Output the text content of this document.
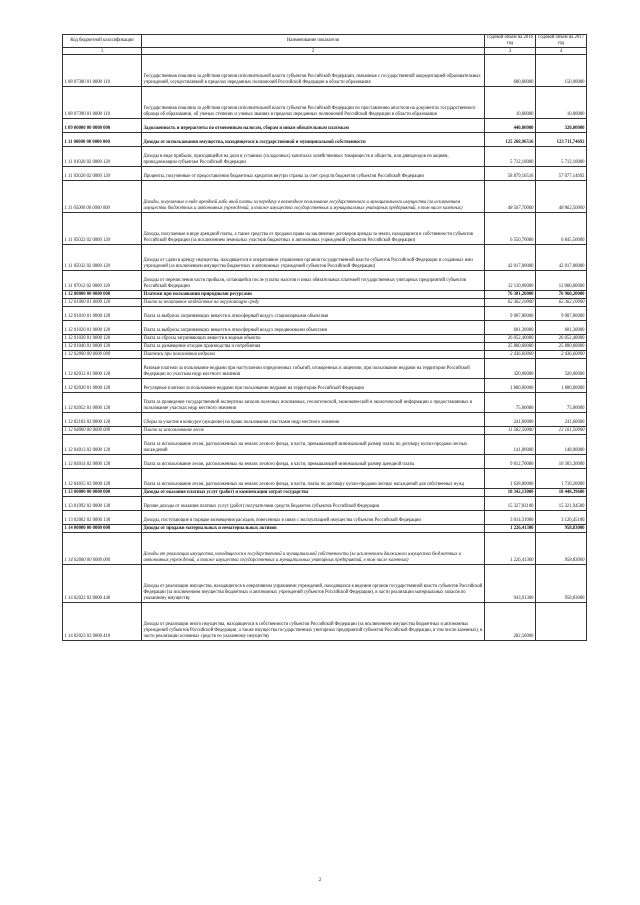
Код бюджетной классификации	Наименование показателя	Годовой объем на 2016 год	Годовой объем на 2017 год
1	2	3	4
1 08 07380 01 0000 110	Государственная пошлина за действия органов исполнительной власти субъектов Российской Федерации, связанные с государственной аккредитацией образовательных учреждений, осуществляемой в пределах переданных полномочий Российской Федерации в области образования	600,00000	150,00000
1 08 07390 01 0000 110	Государственная пошлина за действия органов исполнительной власти субъектов Российской Федерации по проставлению апостиля на документах государственного образца об образовании, об ученых степенях и ученых званиях в пределах переданных полномочий Российской Федерации в области образования	10,00000	10,00000
1 09 00000 00 0000 000	Задолженность и перерасчеты по отмененным налогам, сборам и иным обязательным платежам	440,00000	320,00000
1 11 00000 00 0000 000	Доходы от использования имущества, находящегося в государственной и муниципальной собственности	125 268,96516	123 711,74692
1 11 01020 02 0000 120	Доходы в виде прибыли, приходящейся на доли в уставных (складочных) капиталах хозяйственных товариществ и обществ, или дивидендов по акциям, принадлежащим субъектам Российской Федерации	5 712,10000	5 712,10000
1 11 03020 02 0000 120	Проценты, полученные от предоставления бюджетных кредитов внутри страны за счет средств бюджетов субъектов Российской Федерации	58 879,16516	57 077,14692
1 11 05000 00 0000 000	Доходы, получаемые в виде арендной либо иной платы за передачу в возмездное пользование государственного и муниципального имущества (за исключением имущества бюджетных и автономных учреждений, а также имущества государственных и муниципальных унитарных предприятий, в том числе казенных)	48 567,70000	48 862,50000
1 11 05022 02 0000 120	Доходы, получаемые в виде арендной платы, а также средства от продажи права на заключение договоров аренды за земли, находящиеся в собственности субъектов Российской Федерации (за исключением земельных участков бюджетных и автономных учреждений субъектов Российской Федерации)	6 550,70000	6 845,50000
1 11 05032 02 0000 120	Доходы от сдачи в аренду имущества, находящегося в оперативном управлении органов государственной власти субъектов Российской Федерации и созданных ими учреждений (за исключением имущества бюджетных и автономных учреждений субъектов Российской Федерации)	42 017,00000	42 017,00000
1 11 07012 02 0000 120	Доходы от перечисления части прибыли, остающейся после уплаты налогов и иных обязательных платежей государственных унитарных предприятий субъектов Российской Федерации	12 110,00000	12 060,00000
1 12 00000 00 0000 000	Платежи при пользовании природными ресурсами	76 381,20000	76 960,20000
1 12 01000 01 0000 120	Плата за негативное воздействие на окружающую среду	62 362,10000	62 362,10000
1 12 01010 01 0000 120	Плата за выбросы загрязняющих веществ в атмосферный воздух стационарными объектами	9 907,80000	9 907,80000
1 12 01020 01 0000 120	Плата за выбросы загрязняющих веществ в атмосферный воздух передвижными объектами	601,30000	601,30000
1 12 01030 01 0000 120	Плата за сбросы загрязняющих веществ в водные объекты	26 052,40000	26 052,40000
1 12 01040 01 0000 120	Плата за размещение отходов производства и потребления	25 800,60000	25 800,60000
1 12 02000 00 0000 000	Платежи при пользовании недрами	2 436,60000	2 436,60000
1 12 02012 01 0000 120	Разовые платежи за пользование недрами при наступлении определенных событий, оговоренных в лицензии, при пользовании недрами на территории Российской Федерации по участкам недр местного значения	320,00000	320,00000
1 12 02030 01 0000 120	Регулярные платежи за пользование недрами при пользовании недрами на территории Российской Федерации	1 800,00000	1 800,00000
1 12 02052 01 0000 120	Плата за проведение государственной экспертизы запасов полезных ископаемых, геологической, экономической и экологической информации о предоставляемых в пользование участках недр местного значения	75,00000	75,00000
1 12 02102 02 0000 120	Сборы за участие в конкурсе (аукционе) на право пользования участками недр местного значения	241,60000	241,60000
1 12 04000 00 0000 000	Плата за использование лесов	11 582,50000	12 161,50000
1 12 04013 02 0000 120	Плата за использование лесов, расположенных на землях лесного фонда, в части, превышающей минимальный размер платы по договору купли-продажи лесных насаждений	141,00000	148,00000
1 12 04014 02 0000 120	Плата за использование лесов, расположенных на землях лесного фонда, в части, превышающей минимальный размер арендной платы	9 812,70000	10 303,30000
1 12 04015 02 0000 120	Плата за использование лесов, расположенных на землях лесного фонда, в части, платы по договору купли-продажи лесных насаждений для собственных нужд	1 628,80000	1 710,20000
1 13 00000 00 0000 000	Доходы от оказания платных услуг (работ) и компенсации затрат государства	18 342,13000	18 448,39600
1 13 01992 02 0000 130	Прочие доходы от оказания платных услуг (работ) получателями средств бюджетов субъектов Российской Федерации	15 327,83100	15 321,94500
1 13 02062 02 0000 130	Доходы, поступающие в порядке возмещения расходов, понесенных в связи с эксплуатацией имущества субъектов Российской Федерации	3 014,31000	3 126,45100
1 14 00000 00 0000 000	Доходы от продажи материальных и нематериальных активов	1 226,41300	958,83000
1 14 02000 00 0000 000	Доходы от реализации имущества, находящегося в государственной и муниципальной собственности (за исключением движимого имущества бюджетных и автономных учреждений, а также имущества государственных и муниципальных унитарных предприятий, в том числе казенных)	1 226,41300	958,83000
1 14 02022 02 0000 440	Доходы от реализации имущества, находящегося в оперативном управлении учреждений, находящихся в ведении органов государственной власти субъектов Российской Федерации (за исключением имущества бюджетных и автономных учреждений субъектов Российской Федерации), в части реализации материальных запасов по указанному имуществу	943,91300	958,83000
1 14 02023 02 0000 410	Доходы от реализации иного имущества, находящегося в собственности субъектов Российской Федерации (за исключением имущества бюджетных и автономных учреждений субъектов Российской Федерации, а также имущества государственных унитарных предприятий субъектов Российской Федерации, в том числе казенных), в части реализации основных средств по указанному имуществу	282,50000	
2
